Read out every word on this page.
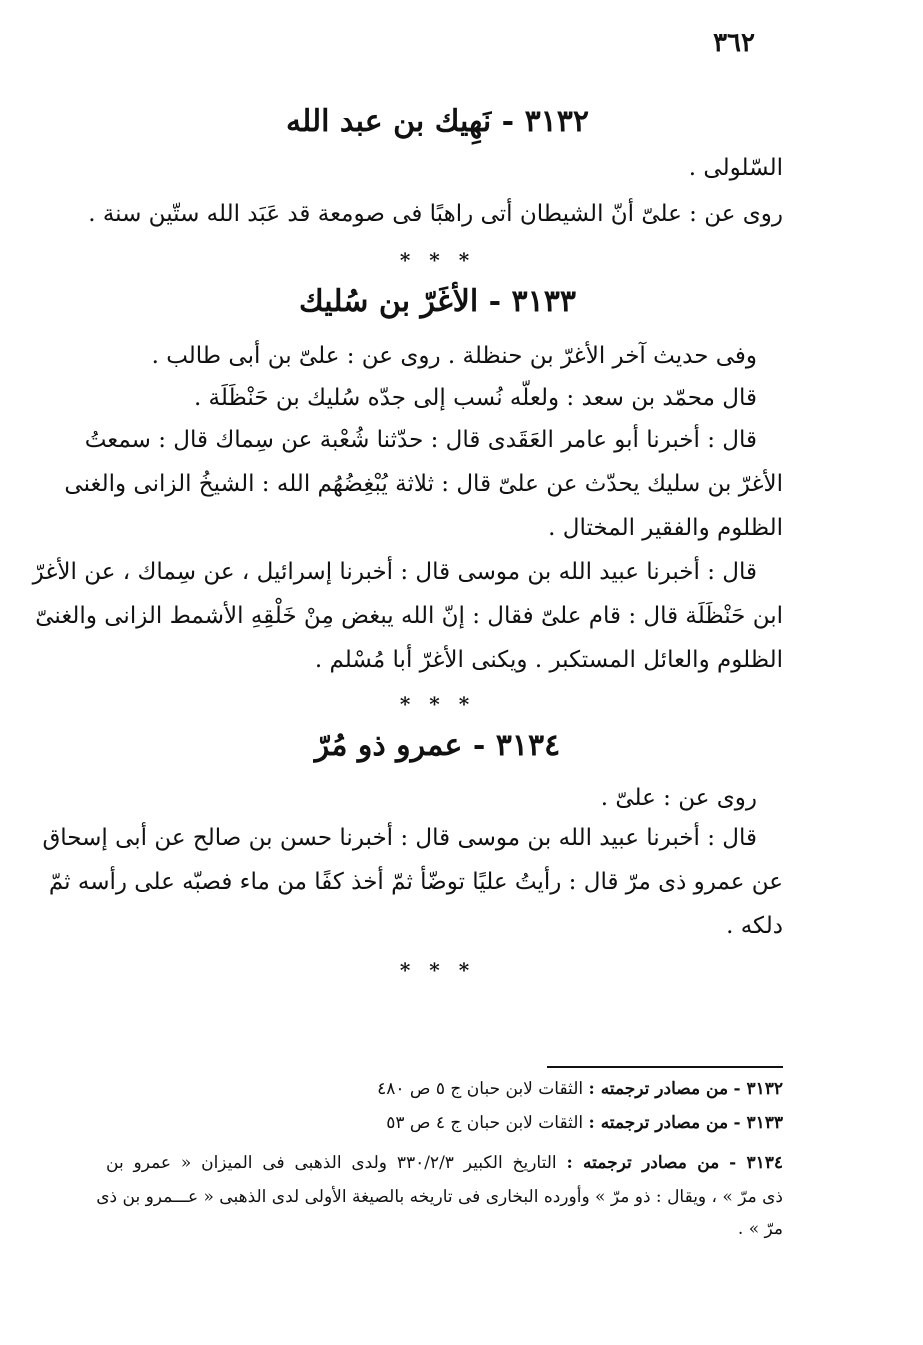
٣٦٢
٣١٣٢ - نَهِيك بن عبد الله
السّلولى .
روى عن : علىّ أنّ الشيطان أتى راهبًا فى صومعة قد عَبَد الله ستّين سنة .
* * *
٣١٣٣ - الأغَرّ بن سُليك
وفى حديث آخر الأغرّ بن حنظلة . روى عن : علىّ بن أبى طالب .
قال محمّد بن سعد : ولعلّه نُسب إلى جدّه سُليك بن حَنْظَلَة .
قال : أخبرنا أبو عامر العَقَدى قال : حدّثنا شُعْبة عن سِماك قال : سمعتُ
الأغرّ بن سليك يحدّث عن علىّ قال : ثلاثة يُبْغِضُهُم الله : الشيخُ الزانى والغنى
الظلوم والفقير المختال .
قال : أخبرنا عبيد الله بن موسى قال : أخبرنا إسرائيل ، عن سِماك ، عن الأغرّ
ابن حَنْظَلَة قال : قام علىّ فقال : إنّ الله يبغض مِنْ خَلْقِهِ الأشمط الزانى والغنىّ
الظلوم والعائل المستكبر . ويكنى الأغرّ أبا مُسْلم .
* * *
٣١٣٤ - عمرو ذو مُرّ
روى عن : علىّ .
قال : أخبرنا عبيد الله بن موسى قال : أخبرنا حسن بن صالح عن أبى إسحاق
عن عمرو ذى مرّ قال : رأيتُ عليًا توضّأ ثمّ أخذ كفًا من ماء فصبّه على رأسه ثمّ
دلكه .
* * *
٣١٣٢ - من مصادر ترجمته : الثقات لابن حبان ج ٥ ص ٤٨٠
٣١٣٣ - من مصادر ترجمته : الثقات لابن حبان ج ٤ ص ٥٣
٣١٣٤ - من مصادر ترجمته : التاريخ الكبير ٣٣٠/٢/٣ ولدى الذهبى فى الميزان « عمرو بن
ذى مرّ » ، ويقال : ذو مرّ » وأورده البخارى فى تاريخه بالصيغة الأولى لدى الذهبى « عـــمرو بن ذى
مرّ » .
